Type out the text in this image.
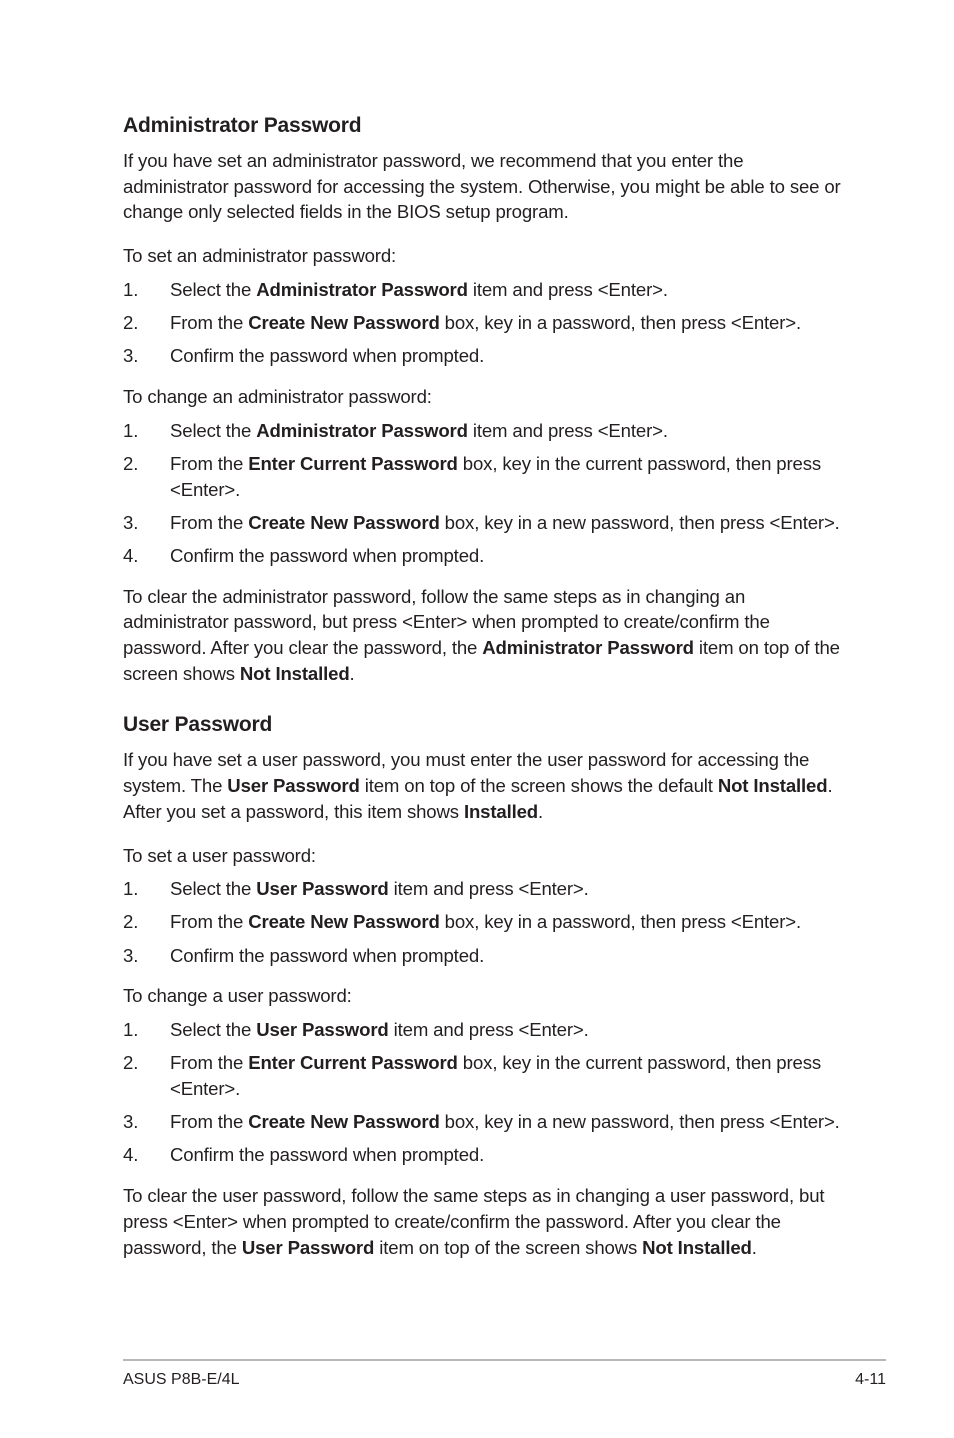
Administrator Password

If you have set an administrator password, we recommend that you enter the administrator password for accessing the system. Otherwise, you might be able to see or change only selected fields in the BIOS setup program.

To set an administrator password:

1. Select the Administrator Password item and press <Enter>.
2. From the Create New Password box, key in a password, then press <Enter>.
3. Confirm the password when prompted.

To change an administrator password:

1. Select the Administrator Password item and press <Enter>.
2. From the Enter Current Password box, key in the current password, then press <Enter>.
3. From the Create New Password box, key in a new password, then press <Enter>.
4. Confirm the password when prompted.

To clear the administrator password, follow the same steps as in changing an administrator password, but press <Enter> when prompted to create/confirm the password. After you clear the password, the Administrator Password item on top of the screen shows Not Installed.

User Password

If you have set a user password, you must enter the user password for accessing the system. The User Password item on top of the screen shows the default Not Installed. After you set a password, this item shows Installed.

To set a user password:

1. Select the User Password item and press <Enter>.
2. From the Create New Password box, key in a password, then press <Enter>.
3. Confirm the password when prompted.

To change a user password:

1. Select the User Password item and press <Enter>.
2. From the Enter Current Password box, key in the current password, then press <Enter>.
3. From the Create New Password box, key in a new password, then press <Enter>.
4. Confirm the password when prompted.

To clear the user password, follow the same steps as in changing a user password, but press <Enter> when prompted to create/confirm the password. After you clear the password, the User Password item on top of the screen shows Not Installed.

ASUS P8B-E/4L	4-11
